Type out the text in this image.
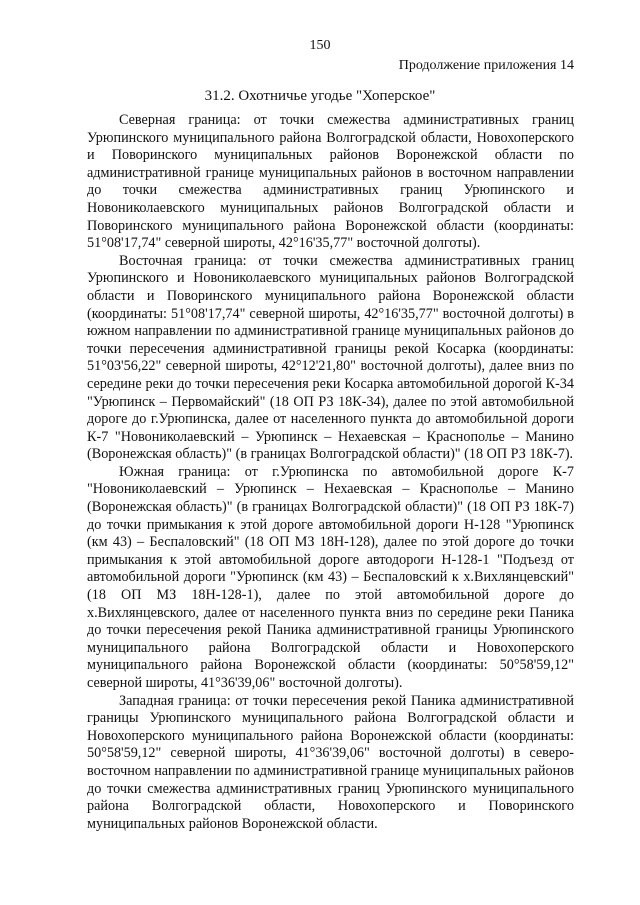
150
Продолжение приложения 14
31.2. Охотничье угодье "Хоперское"

Северная граница: от точки смежества административных границ Урюпинского муниципального района Волгоградской области, Новохоперского и Поворинского муниципальных районов Воронежской области по административной границе муниципальных районов в восточном направлении до точки смежества административных границ Урюпинского и Новониколаевского муниципальных районов Волгоградской области и Поворинского муниципального района Воронежской области (координаты: 51°08'17,74" северной широты, 42°16'35,77" восточной долготы).

Восточная граница: от точки смежества административных границ Урюпинского и Новониколаевского муниципальных районов Волгоградской области и Поворинского муниципального района Воронежской области (координаты: 51°08'17,74" северной широты, 42°16'35,77" восточной долготы) в южном направлении по административной границе муниципальных районов до точки пересечения административной границы рекой Косарка (координаты: 51°03'56,22" северной широты, 42°12'21,80" восточной долготы), далее вниз по середине реки до точки пересечения реки Косарка автомобильной дорогой К-34 "Урюпинск – Первомайский" (18 ОП РЗ 18К-34), далее по этой автомобильной дороге до г.Урюпинска, далее от населенного пункта до автомобильной дороги К-7 "Новониколаевский – Урюпинск – Нехаевская – Краснополье – Манино (Воронежская область)" (в границах Волгоградской области)" (18 ОП РЗ 18К-7).

Южная граница: от г.Урюпинска по автомобильной дороге К-7 "Новониколаевский – Урюпинск – Нехаевская – Краснополье – Манино (Воронежская область)" (в границах Волгоградской области)" (18 ОП РЗ 18К-7) до точки примыкания к этой дороге автомобильной дороги Н-128 "Урюпинск (км 43) – Беспаловский" (18 ОП МЗ 18Н-128), далее по этой дороге до точки примыкания к этой автомобильной дороге автодороги Н-128-1 "Подъезд от автомобильной дороги "Урюпинск (км 43) – Беспаловский к х.Вихлянцевский" (18 ОП МЗ 18Н-128-1), далее по этой автомобильной дороге до х.Вихлянцевского, далее от населенного пункта вниз по середине реки Паника до точки пересечения рекой Паника административной границы Урюпинского муниципального района Волгоградской области и Новохоперского муниципального района Воронежской области (координаты: 50°58'59,12" северной широты, 41°36'39,06" восточной долготы).

Западная граница: от точки пересечения рекой Паника административной границы Урюпинского муниципального района Волгоградской области и Новохоперского муниципального района Воронежской области (координаты: 50°58'59,12" северной широты, 41°36'39,06" восточной долготы) в северо-восточном направлении по административной границе муниципальных районов до точки смежества административных границ Урюпинского муниципального района Волгоградской области, Новохоперского и Поворинского муниципальных районов Воронежской области.
